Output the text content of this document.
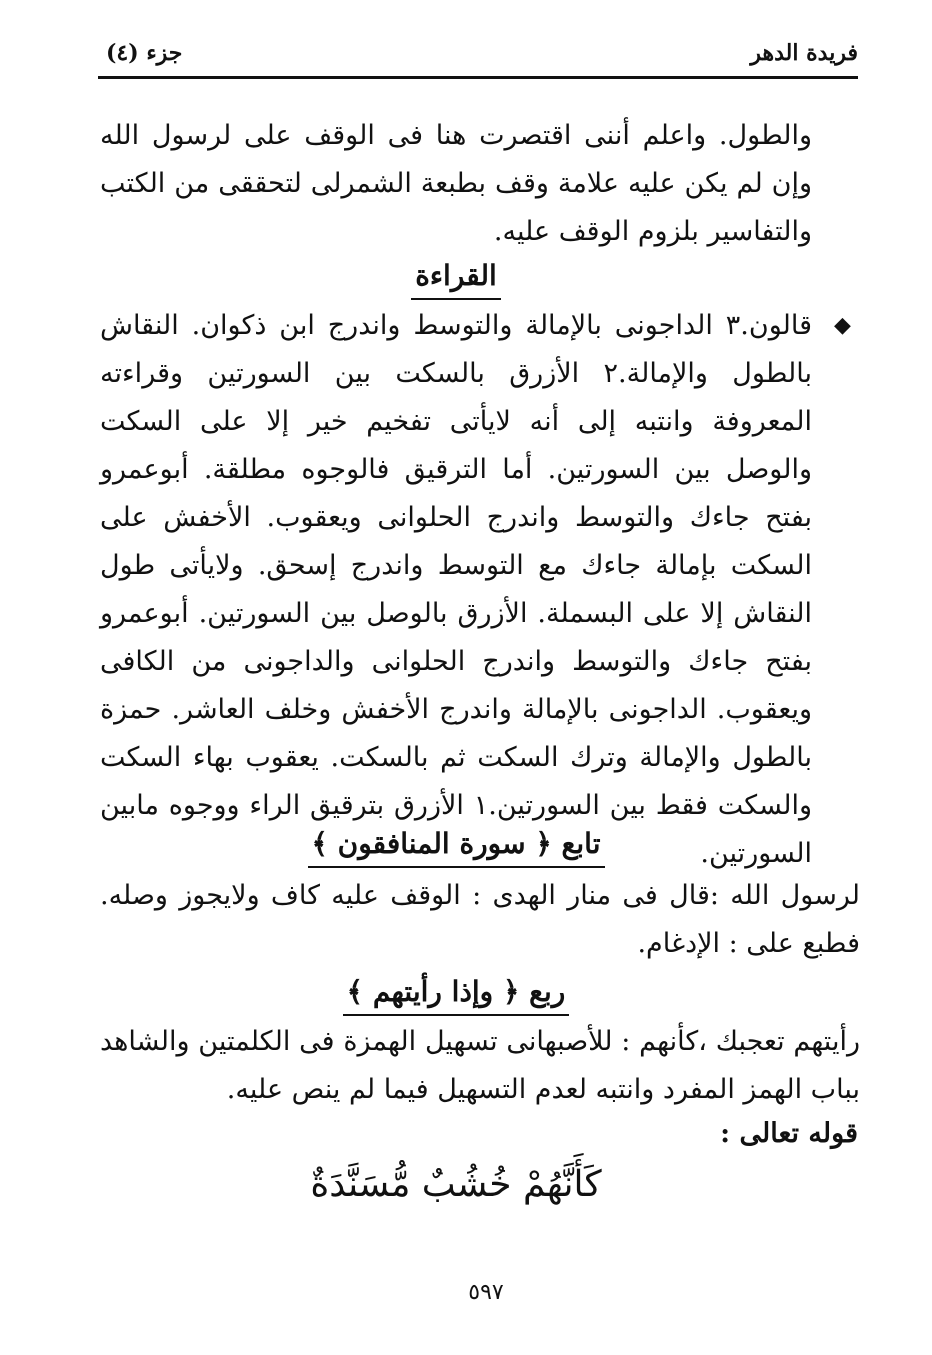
فريدة الدهر
جزء (٤)
والطول. واعلم أننى اقتصرت هنا فى الوقف على لرسول الله وإن لم يكن عليه علامة وقف بطبعة الشمرلى لتحققى من الكتب والتفاسير بلزوم الوقف عليه.
القراءة
◆
قالون.٣ الداجونى بالإمالة والتوسط واندرج ابن ذكوان. النقاش بالطول والإمالة.٢ الأزرق بالسكت بين السورتين وقراءته المعروفة وانتبه إلى أنه لايأتى تفخيم خير إلا على السكت والوصل بين السورتين. أما الترقيق فالوجوه مطلقة. أبوعمرو بفتح جاءك والتوسط واندرج الحلوانى ويعقوب. الأخفش على السكت بإمالة جاءك مع التوسط واندرج إسحق. ولايأتى طول النقاش إلا على البسملة. الأزرق بالوصل بين السورتين. أبوعمرو بفتح جاءك والتوسط واندرج الحلوانى والداجونى من الكافى ويعقوب. الداجونى بالإمالة واندرج الأخفش وخلف العاشر. حمزة بالطول والإمالة وترك السكت ثم بالسكت. يعقوب بهاء السكت والسكت فقط بين السورتين.١ الأزرق بترقيق الراء ووجوه مابين السورتين.
تابع ﴿ سورة المنافقون ﴾
لرسول الله :قال فى منار الهدى : الوقف عليه كاف ولايجوز وصله. فطبع على : الإدغام.
ربع ﴿ وإذا رأيتهم ﴾
رأيتهم تعجبك ،كأنهم : للأصبهانى تسهيل الهمزة فى الكلمتين والشاهد بباب الهمز المفرد وانتبه لعدم التسهيل فيما لم ينص عليه.
قوله تعالى :
كَأَنَّهُمْ خُشُبٌ مُّسَنَّدَةٌ
٥٩٧
